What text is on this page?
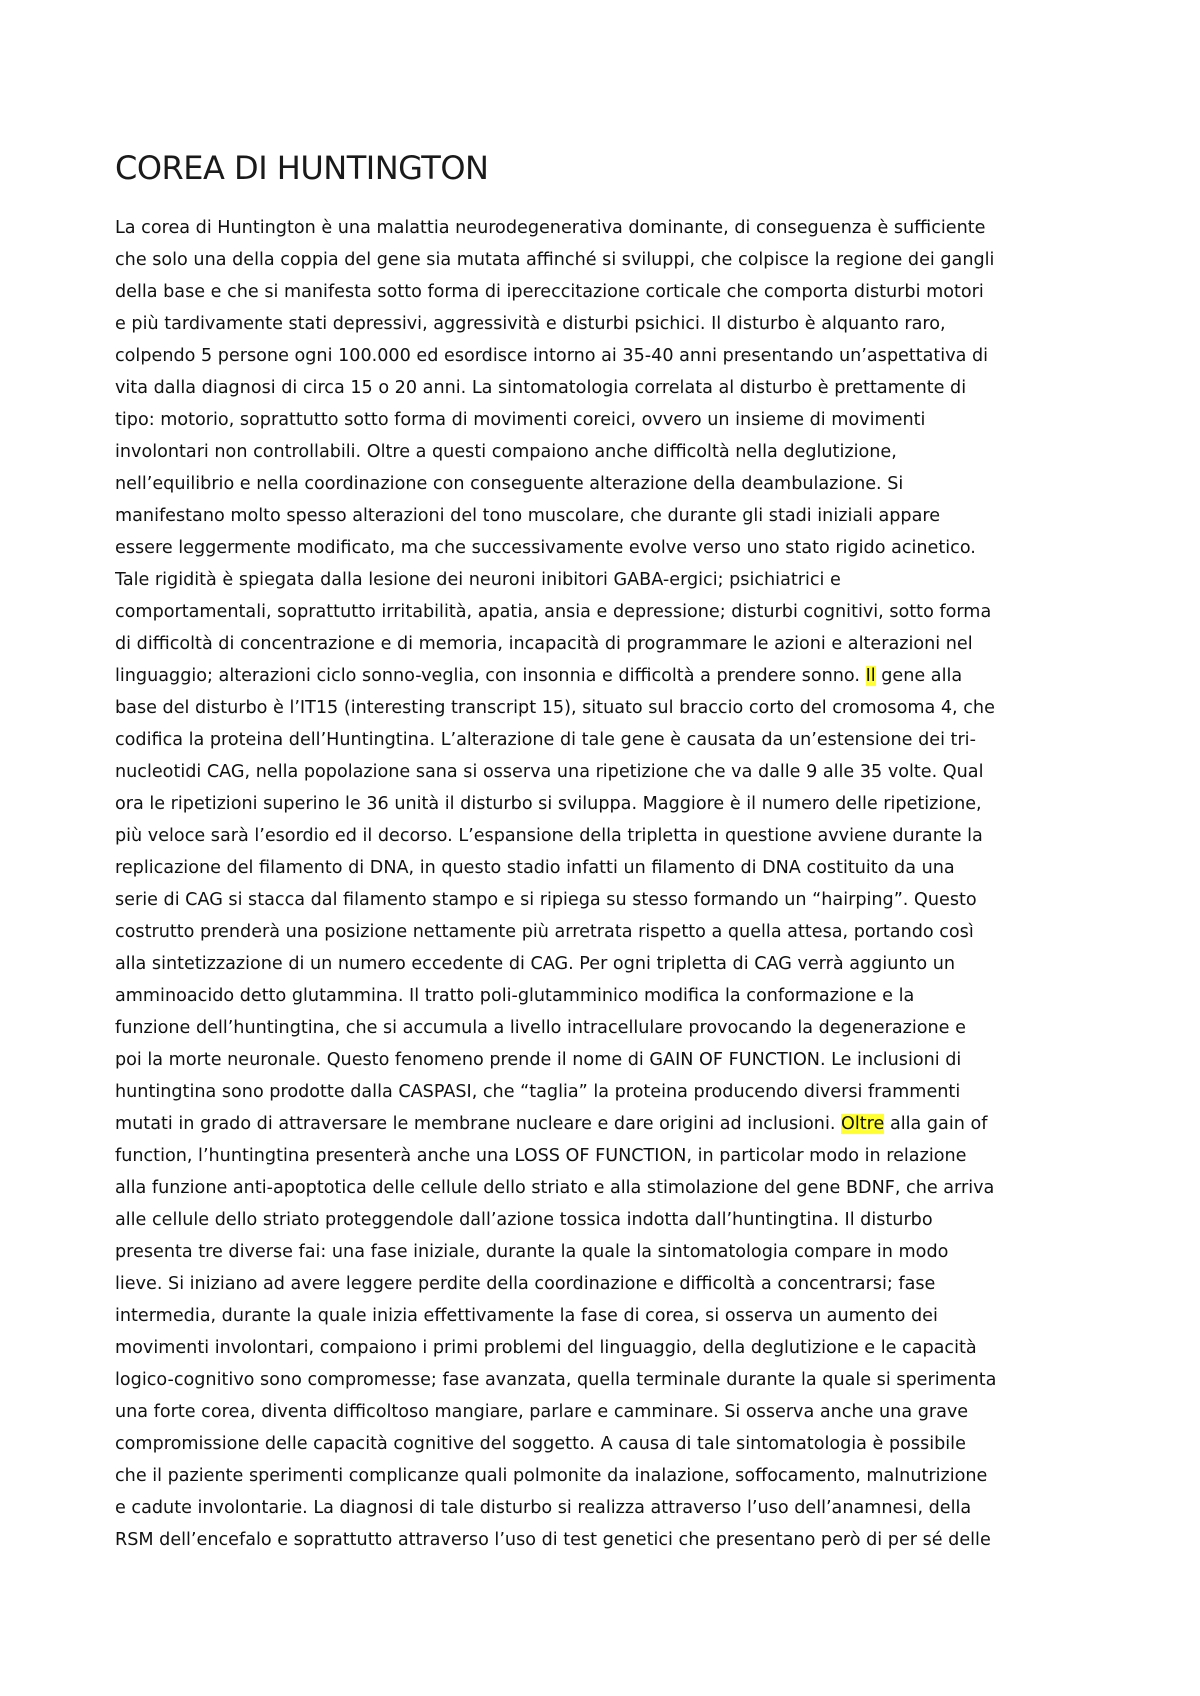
COREA DI HUNTINGTON
La corea di Huntington è una malattia neurodegenerativa dominante, di conseguenza è sufficiente
che solo una della coppia del gene sia mutata affinché si sviluppi, che colpisce la regione dei gangli
della base e che si manifesta sotto forma di ipereccitazione corticale che comporta disturbi motori
e più tardivamente stati depressivi, aggressività e disturbi psichici. Il disturbo è alquanto raro,
colpendo 5 persone ogni 100.000 ed esordisce intorno ai 35-40 anni presentando un’aspettativa di
vita dalla diagnosi di circa 15 o 20 anni. La sintomatologia correlata al disturbo è prettamente di
tipo: motorio, soprattutto sotto forma di movimenti coreici, ovvero un insieme di movimenti
involontari non controllabili. Oltre a questi compaiono anche difficoltà nella deglutizione,
nell’equilibrio e nella coordinazione con conseguente alterazione della deambulazione. Si
manifestano molto spesso alterazioni del tono muscolare, che durante gli stadi iniziali appare
essere leggermente modificato, ma che successivamente evolve verso uno stato rigido acinetico.
Tale rigidità è spiegata dalla lesione dei neuroni inibitori GABA-ergici; psichiatrici e
comportamentali, soprattutto irritabilità, apatia, ansia e depressione; disturbi cognitivi, sotto forma
di difficoltà di concentrazione e di memoria, incapacità di programmare le azioni e alterazioni nel
linguaggio; alterazioni ciclo sonno-veglia, con insonnia e difficoltà a prendere sonno. Il gene alla
base del disturbo è l’IT15 (interesting transcript 15), situato sul braccio corto del cromosoma 4, che
codifica la proteina dell’Huntingtina. L’alterazione di tale gene è causata da un’estensione dei tri-
nucleotidi CAG, nella popolazione sana si osserva una ripetizione che va dalle 9 alle 35 volte. Qual
ora le ripetizioni superino le 36 unità il disturbo si sviluppa. Maggiore è il numero delle ripetizione,
più veloce sarà l’esordio ed il decorso. L’espansione della tripletta in questione avviene durante la
replicazione del filamento di DNA, in questo stadio infatti un filamento di DNA costituito da una
serie di CAG si stacca dal filamento stampo e si ripiega su stesso formando un “hairping”. Questo
costrutto prenderà una posizione nettamente più arretrata rispetto a quella attesa, portando così
alla sintetizzazione di un numero eccedente di CAG. Per ogni tripletta di CAG verrà aggiunto un
amminoacido detto glutammina. Il tratto poli-glutamminico modifica la conformazione e la
funzione dell’huntingtina, che si accumula a livello intracellulare provocando la degenerazione e
poi la morte neuronale. Questo fenomeno prende il nome di GAIN OF FUNCTION. Le inclusioni di
huntingtina sono prodotte dalla CASPASI, che “taglia” la proteina producendo diversi frammenti
mutati in grado di attraversare le membrane nucleare e dare origini ad inclusioni. Oltre alla gain of
function, l’huntingtina presenterà anche una LOSS OF FUNCTION, in particolar modo in relazione
alla funzione anti-apoptotica delle cellule dello striato e alla stimolazione del gene BDNF, che arriva
alle cellule dello striato proteggendole dall’azione tossica indotta dall’huntingtina. Il disturbo
presenta tre diverse fai: una fase iniziale, durante la quale la sintomatologia compare in modo
lieve. Si iniziano ad avere leggere perdite della coordinazione e difficoltà a concentrarsi; fase
intermedia, durante la quale inizia effettivamente la fase di corea, si osserva un aumento dei
movimenti involontari, compaiono i primi problemi del linguaggio, della deglutizione e le capacità
logico-cognitivo sono compromesse; fase avanzata, quella terminale durante la quale si sperimenta
una forte corea, diventa difficoltoso mangiare, parlare e camminare. Si osserva anche una grave
compromissione delle capacità cognitive del soggetto. A causa di tale sintomatologia è possibile
che il paziente sperimenti complicanze quali polmonite da inalazione, soffocamento, malnutrizione
e cadute involontarie. La diagnosi di tale disturbo si realizza attraverso l’uso dell’anamnesi, della
RSM dell’encefalo e soprattutto attraverso l’uso di test genetici che presentano però di per sé delle
